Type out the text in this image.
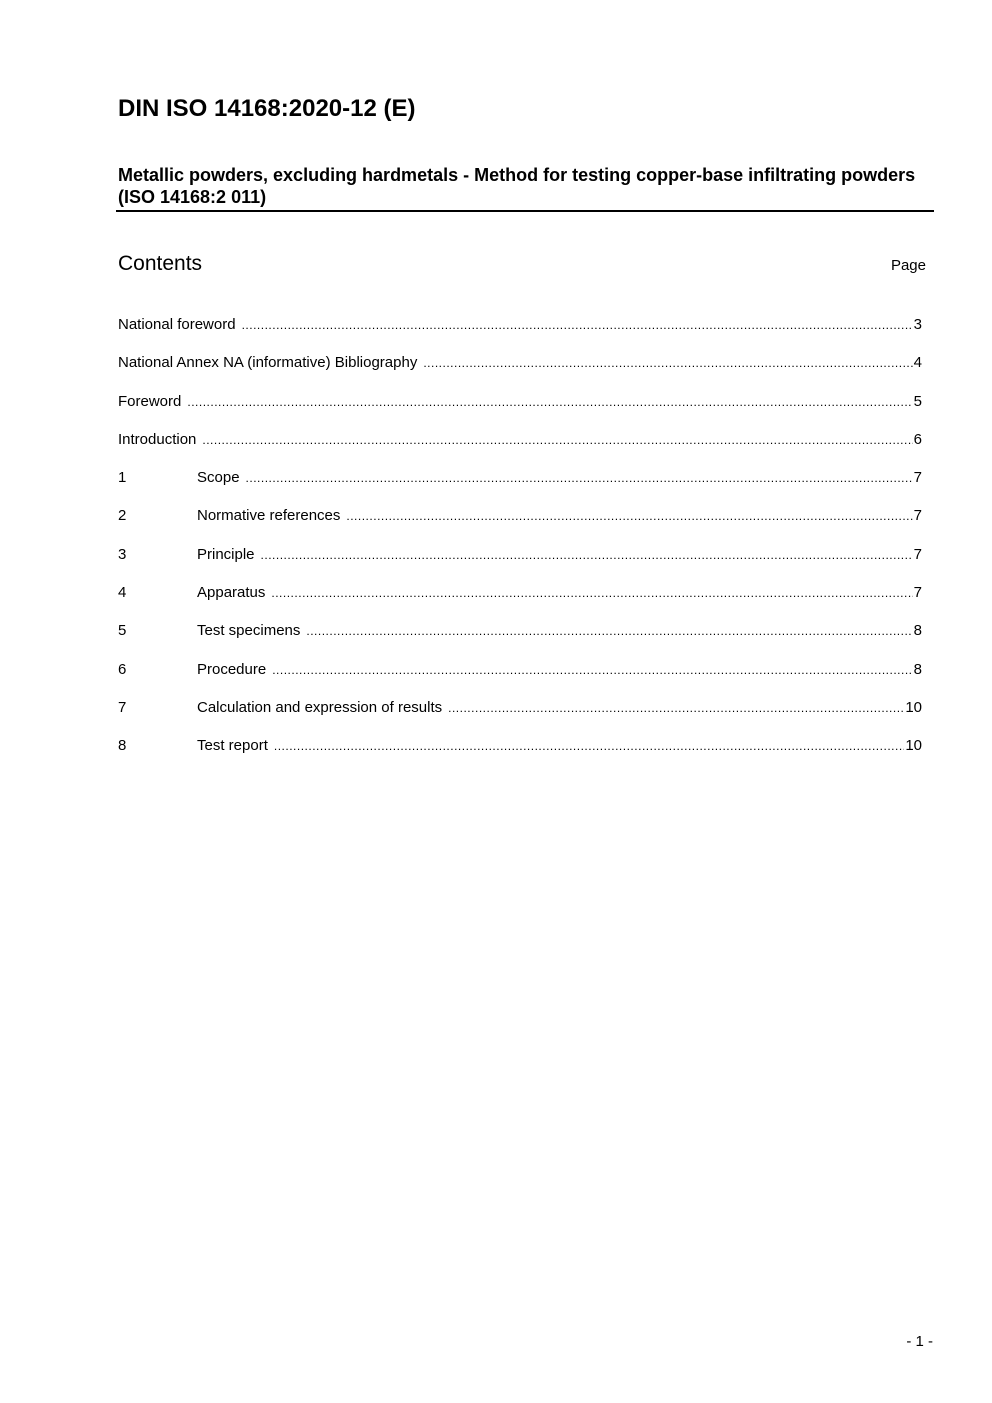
DIN ISO 14168:2020-12 (E)
Metallic powders, excluding hardmetals - Method for testing copper-base infiltrating powders (ISO 14168:2 011)
Contents	Page
National foreword .....	3
National Annex NA (informative) Bibliography .....	4
Foreword .....	5
Introduction .....	6
1	Scope .....	7
2	Normative references .....	7
3	Principle .....	7
4	Apparatus .....	7
5	Test specimens .....	8
6	Procedure .....	8
7	Calculation and expression of results .....	10
8	Test report .....	10
- 1 -
